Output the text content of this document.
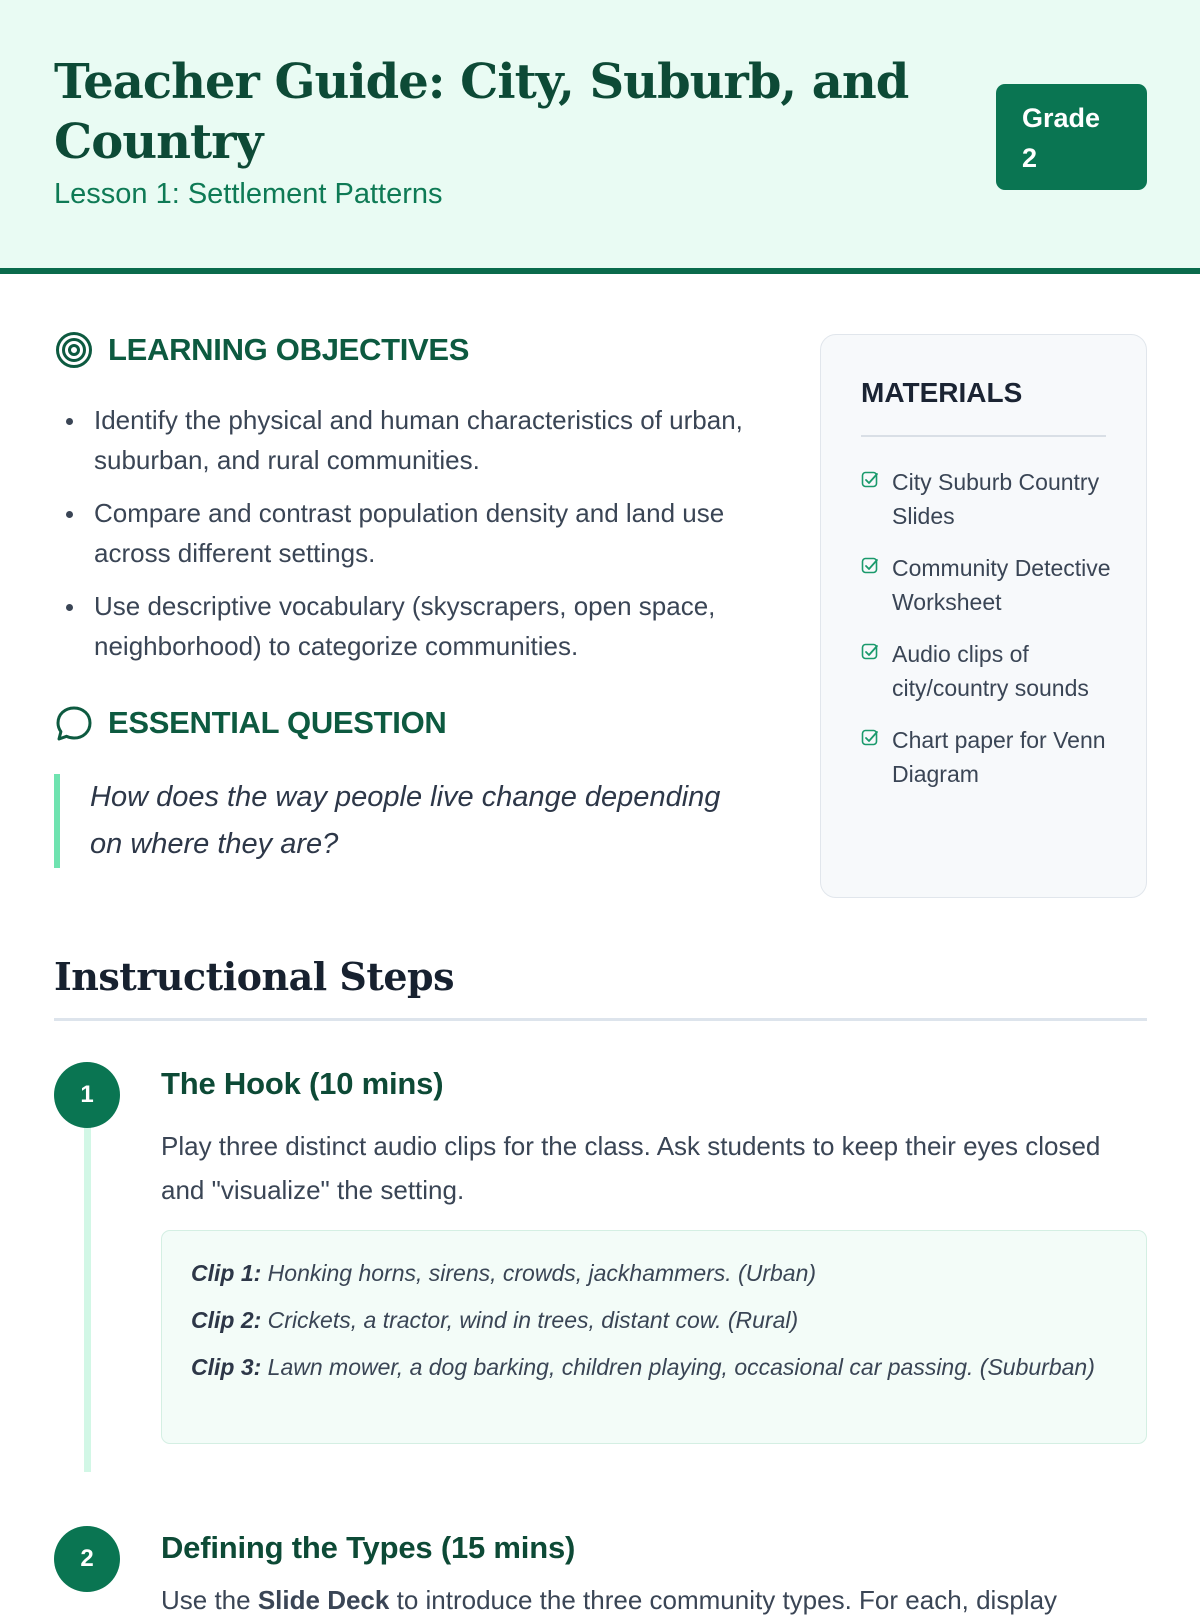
Teacher Guide: City, Suburb, and Country
Lesson 1: Settlement Patterns
Grade
2
LEARNING OBJECTIVES
Identify the physical and human characteristics of urban, suburban, and rural communities.
Compare and contrast population density and land use across different settings.
Use descriptive vocabulary (skyscrapers, open space, neighborhood) to categorize communities.
ESSENTIAL QUESTION
How does the way people live change depending on where they are?
MATERIALS
City Suburb Country Slides
Community Detective Worksheet
Audio clips of city/country sounds
Chart paper for Venn Diagram
Instructional Steps
1	The Hook (10 mins)
Play three distinct audio clips for the class. Ask students to keep their eyes closed and "visualize" the setting.

Clip 1: Honking horns, sirens, crowds, jackhammers. (Urban)

Clip 2: Crickets, a tractor, wind in trees, distant cow. (Rural)

Clip 3: Lawn mower, a dog barking, children playing, occasional car passing. (Suburban)

2	Defining the Types (15 mins)
Use the Slide Deck to introduce the three community types. For each, display
